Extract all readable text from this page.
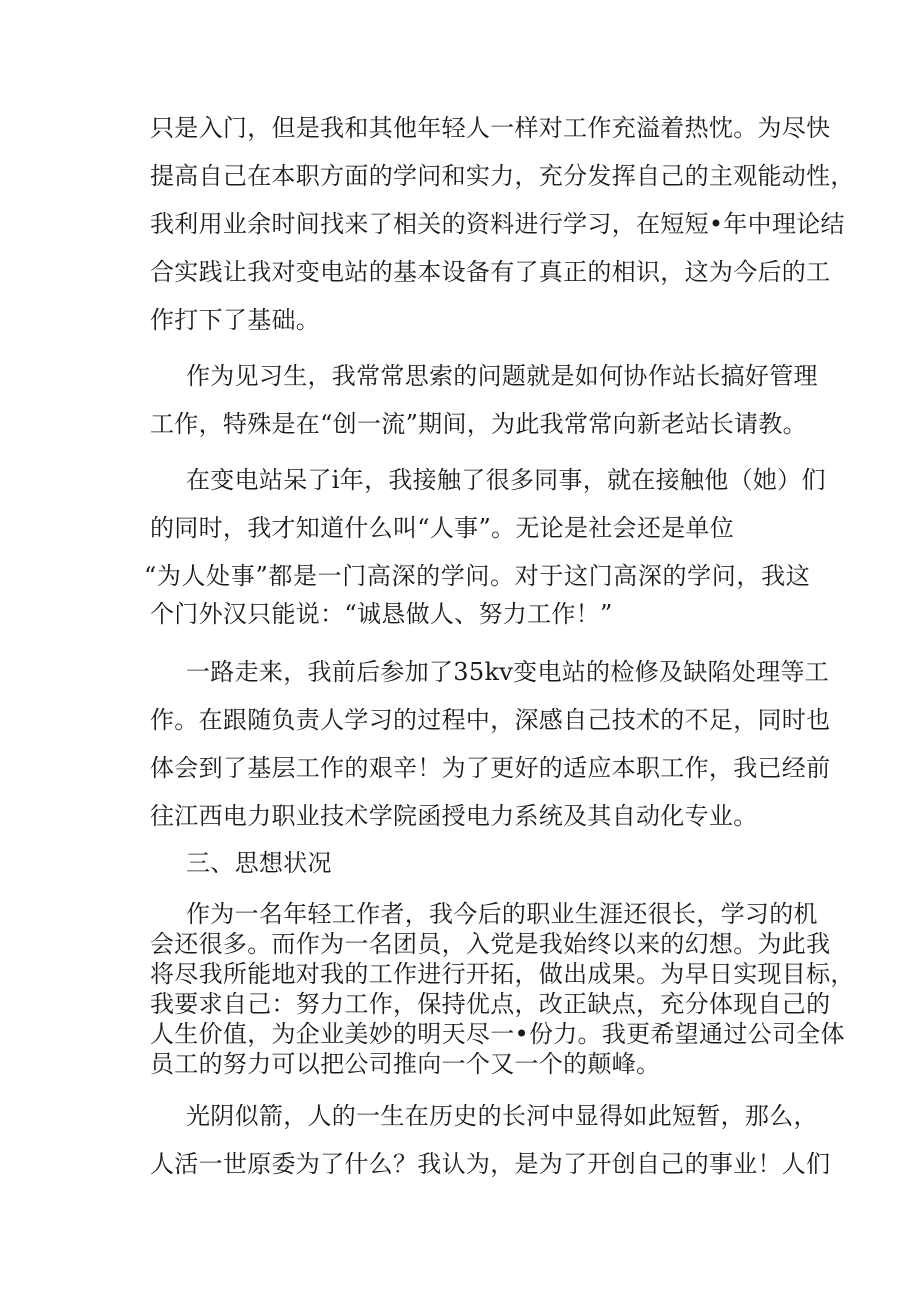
只是入门，但是我和其他年轻人一样对工作充溢着热忱。为尽快
提高自己在本职方面的学问和实力，充分发挥自己的主观能动性，
我利用业余时间找来了相关的资料进行学习，在短短•年中理论结
合实践让我对变电站的基本设备有了真正的相识，这为今后的工
作打下了基础。
作为见习生，我常常思索的问题就是如何协作站长搞好管理
工作，特殊是在“创一流”期间，为此我常常向新老站长请教。
在变电站呆了i年，我接触了很多同事，就在接触他（她）们
的同时，我才知道什么叫“人事”。无论是社会还是单位
“为人处事”都是一门高深的学问。对于这门高深的学问，我这
个门外汉只能说：“诚恳做人、努力工作！”
一路走来，我前后参加了35kv变电站的检修及缺陷处理等工
作。在跟随负责人学习的过程中，深感自己技术的不足，同时也
体会到了基层工作的艰辛！为了更好的适应本职工作，我已经前
往江西电力职业技术学院函授电力系统及其自动化专业。
三、思想状况
作为一名年轻工作者，我今后的职业生涯还很长，学习的机
会还很多。而作为一名团员，入党是我始终以来的幻想。为此我
将尽我所能地对我的工作进行开拓，做出成果。为早日实现目标，
我要求自己：努力工作，保持优点，改正缺点，充分体现自己的
人生价值，为企业美妙的明天尽一•份力。我更希望通过公司全体
员工的努力可以把公司推向一个又一个的颠峰。
光阴似箭，人的一生在历史的长河中显得如此短暂，那么，
人活一世原委为了什么？我认为，是为了开创自己的事业！人们
